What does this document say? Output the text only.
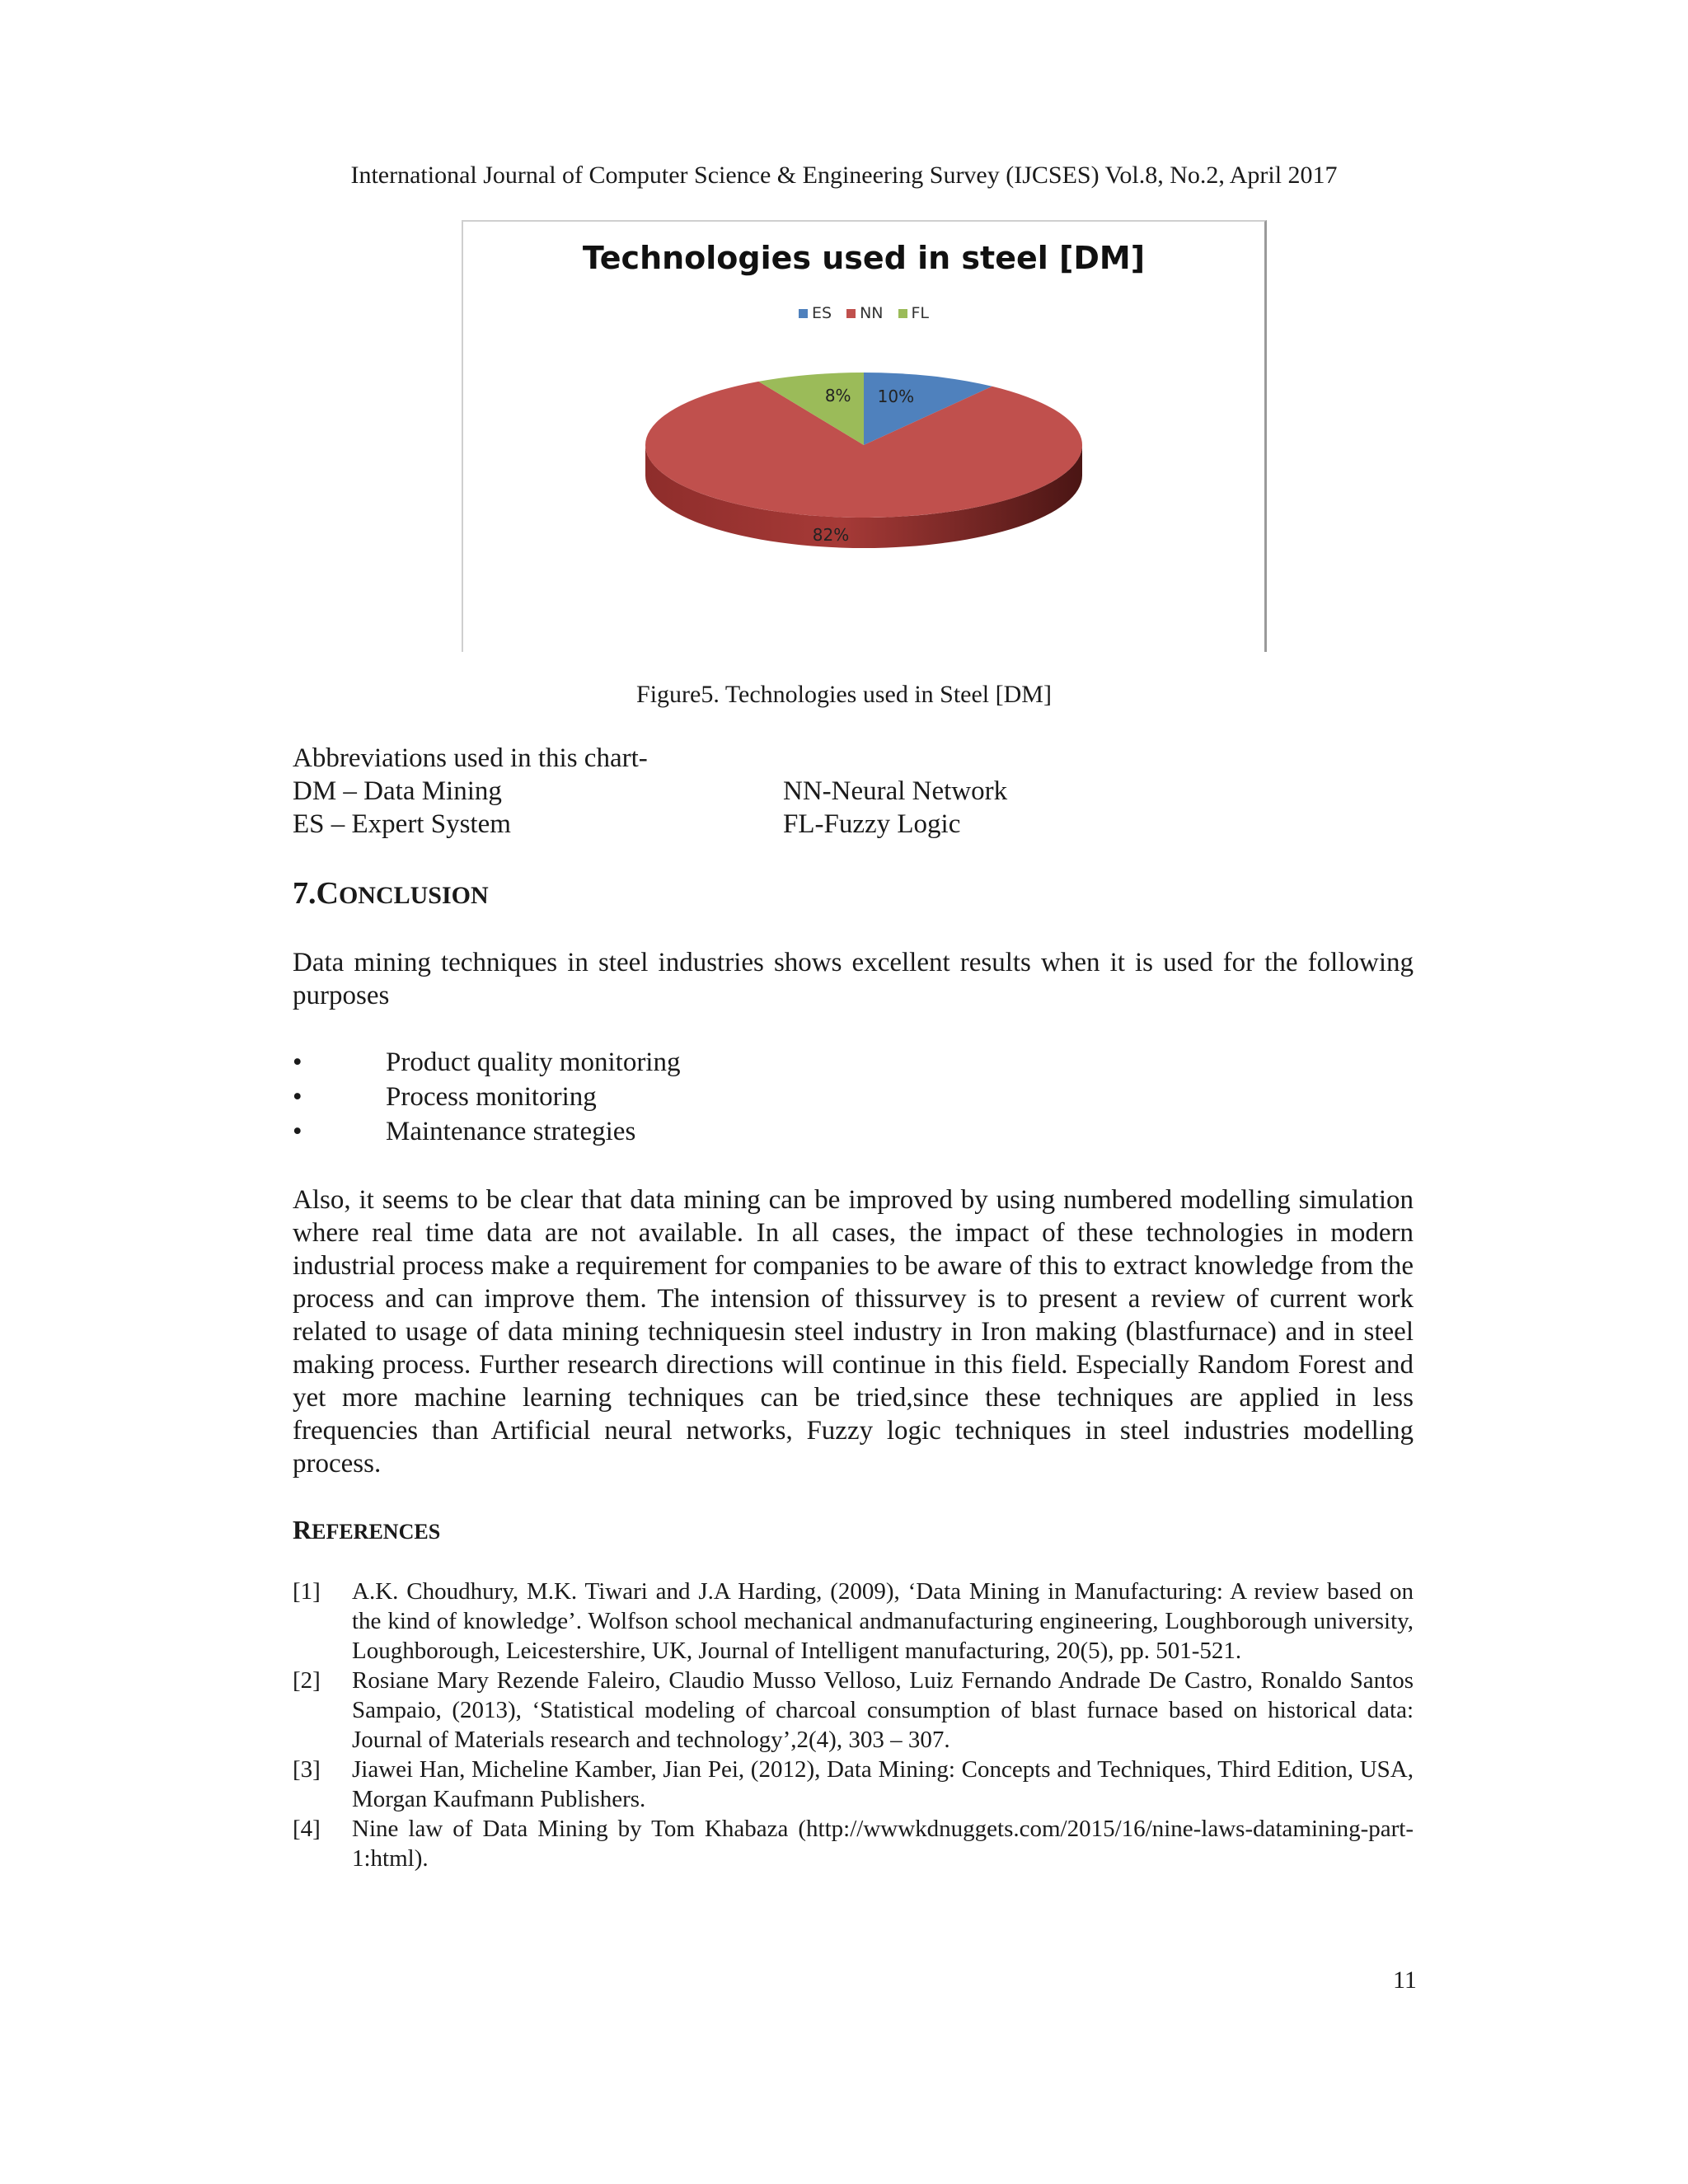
International Journal of Computer Science & Engineering Survey (IJCSES) Vol.8, No.2, April 2017
Technologies used in steel [DM]
ES NN FL
10%
82%
8%
Figure5. Technologies used in Steel [DM]
Abbreviations used in this chart-
DM – Data Mining
ES – Expert System
NN-Neural Network
FL-Fuzzy Logic
7.CONCLUSION
Data mining techniques in steel industries shows excellent results when it is used for the following purposes
•	Product quality monitoring
•	Process monitoring
•	Maintenance strategies
Also, it seems to be clear that data mining can be improved by using numbered modelling simulation where real time data are not available. In all cases, the impact of these technologies in modern industrial process make a requirement for companies to be aware of this to extract knowledge from the process and can improve them. The intension of thissurvey is to present a review of current work related to usage of data mining techniquesin steel industry in Iron making (blastfurnace) and in steel making process. Further research directions will continue in this field. Especially Random Forest and yet more machine learning techniques can be tried,since these techniques are applied in less frequencies than Artificial neural networks, Fuzzy logic techniques in steel industries modelling process.
REFERENCES
[1]	A.K. Choudhury, M.K. Tiwari and J.A Harding, (2009), ‘Data Mining in Manufacturing: A review based on the kind of knowledge’. Wolfson school mechanical andmanufacturing engineering, Loughborough university, Loughborough, Leicestershire, UK, Journal of Intelligent manufacturing, 20(5), pp. 501-521.
[2]	Rosiane Mary Rezende Faleiro, Claudio Musso Velloso, Luiz Fernando Andrade De Castro, Ronaldo Santos Sampaio, (2013), ‘Statistical modeling of charcoal consumption of blast furnace based on historical data: Journal of Materials research and technology’,2(4), 303 – 307.
[3]	Jiawei Han, Micheline Kamber, Jian Pei, (2012), Data Mining: Concepts and Techniques, Third Edition, USA, Morgan Kaufmann Publishers.
[4]	Nine law of Data Mining by Tom Khabaza (http://wwwkdnuggets.com/2015/16/nine-laws-datamining-part-1:html).
11
